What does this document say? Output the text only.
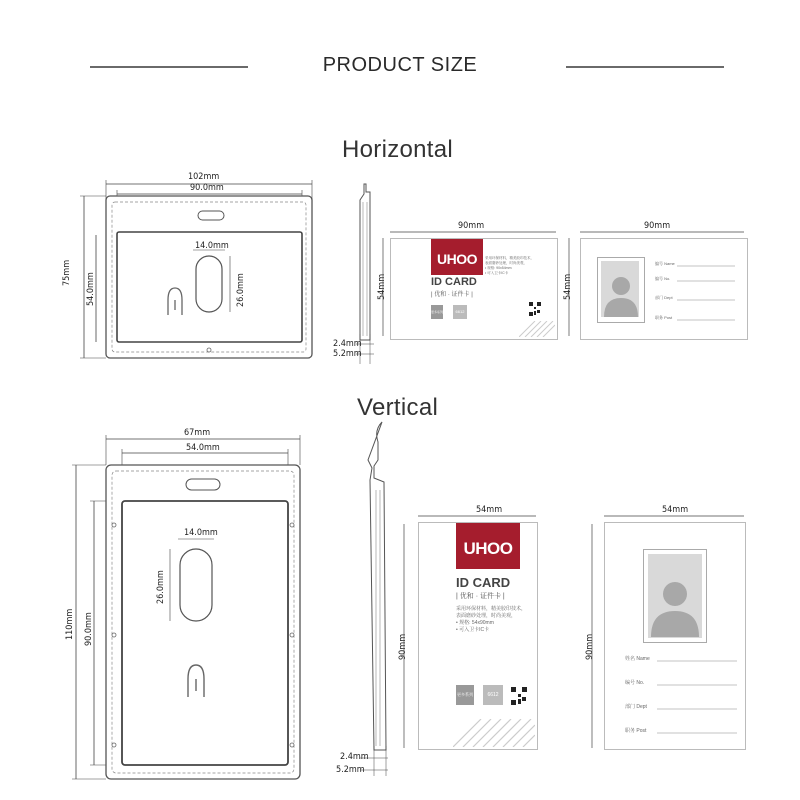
PRODUCT SIZE
Horizontal
Vertical
102mm
90.0mm
75mm 54.0mm
14.0mm
26.0mm
2.4mm
5.2mm
90mm
54mm
UHOO
ID CARD
| 优和 · 证件卡 |
采用环保材料，精美胶印技术，
表面磨砂处理，时尚美观，
• 规格: 90x54mm
• 可入卫卡IC卡
更多系列	6612
90mm
54mm
编号 Name
编号 No.
部门 Dept
职务 Post
67mm
54.0mm
110mm 90.0mm
14.0mm
26.0mm
2.4mm
5.2mm
54mm
90mm
UHOO
ID CARD
| 优和 · 证件卡 |
采用环保材料，精美胶印技术，
表面磨砂处理，时尚美观，
• 规格: 54x90mm
• 可入卫卡IC卡
更多系列	6612
54mm
90mm	姓名 Name
编号 No.
部门 Dept
职务 Post
